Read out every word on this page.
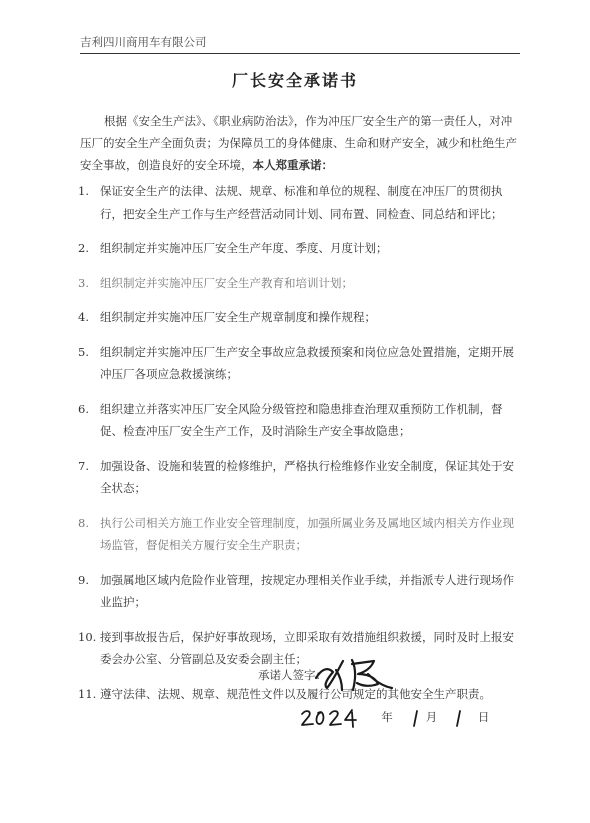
吉利四川商用车有限公司
厂长安全承诺书
根据《安全生产法》、《职业病防治法》，作为冲压厂安全生产的第一责任人，对冲压厂的安全生产全面负责；为保障员工的身体健康、生命和财产安全，减少和杜绝生产安全事故，创造良好的安全环境，本人郑重承诺：
1. 保证安全生产的法律、法规、规章、标准和单位的规程、制度在冲压厂的贯彻执行，把安全生产工作与生产经营活动同计划、同布置、同检查、同总结和评比；
2. 组织制定并实施冲压厂安全生产年度、季度、月度计划；
3. 组织制定并实施冲压厂安全生产教育和培训计划；
4. 组织制定并实施冲压厂安全生产规章制度和操作规程；
5. 组织制定并实施冲压厂生产安全事故应急救援预案和岗位应急处置措施，定期开展冲压厂各项应急救援演练；
6. 组织建立并落实冲压厂安全风险分级管控和隐患排查治理双重预防工作机制，督促、检查冲压厂安全生产工作，及时消除生产安全事故隐患；
7. 加强设备、设施和装置的检修维护，严格执行检维修作业安全制度，保证其处于安全状态；
8. 执行公司相关方施工作业安全管理制度，加强所属业务及属地区域内相关方作业现场监管，督促相关方履行安全生产职责；
9. 加强属地区域内危险作业管理，按规定办理相关作业手续，并指派专人进行现场作业监护；
10. 接到事故报告后，保护好事故现场，立即采取有效措施组织救援，同时及时上报安委会办公室、分管副总及安委会副主任；
11. 遵守法律、法规、规章、规范性文件以及履行公司规定的其他安全生产职责。
承诺人签字：
2024
年	月	日
